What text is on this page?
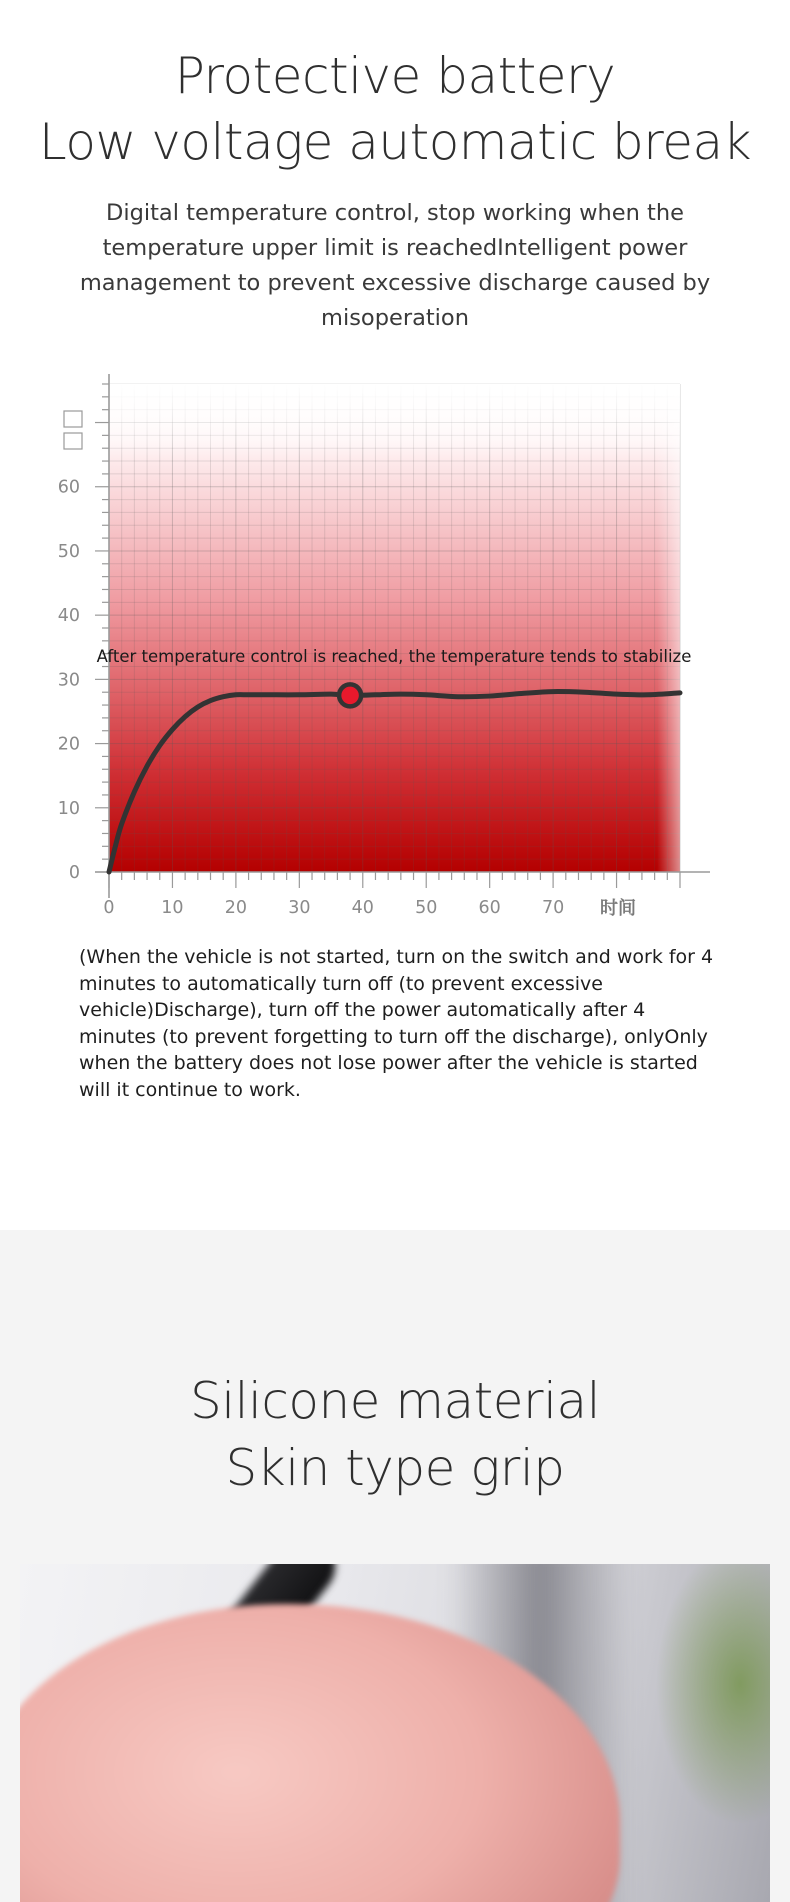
Protective battery
Low voltage automatic break
Digital temperature control, stop working when the temperature upper limit is reachedIntelligent power management to prevent excessive discharge caused by misoperation
0	10 20 30 40 50 60 70
0
10
20
30
40
50
60
After temperature control is reached, the temperature tends to stabilize
时间
(When the vehicle is not started, turn on the switch and work for 4 minutes to automatically turn off (to prevent excessive vehicle)Discharge), turn off the power automatically after 4 minutes (to prevent forgetting to turn off the discharge), onlyOnly when the battery does not lose power after the vehicle is started will it continue to work.
Silicone material
Skin type grip
